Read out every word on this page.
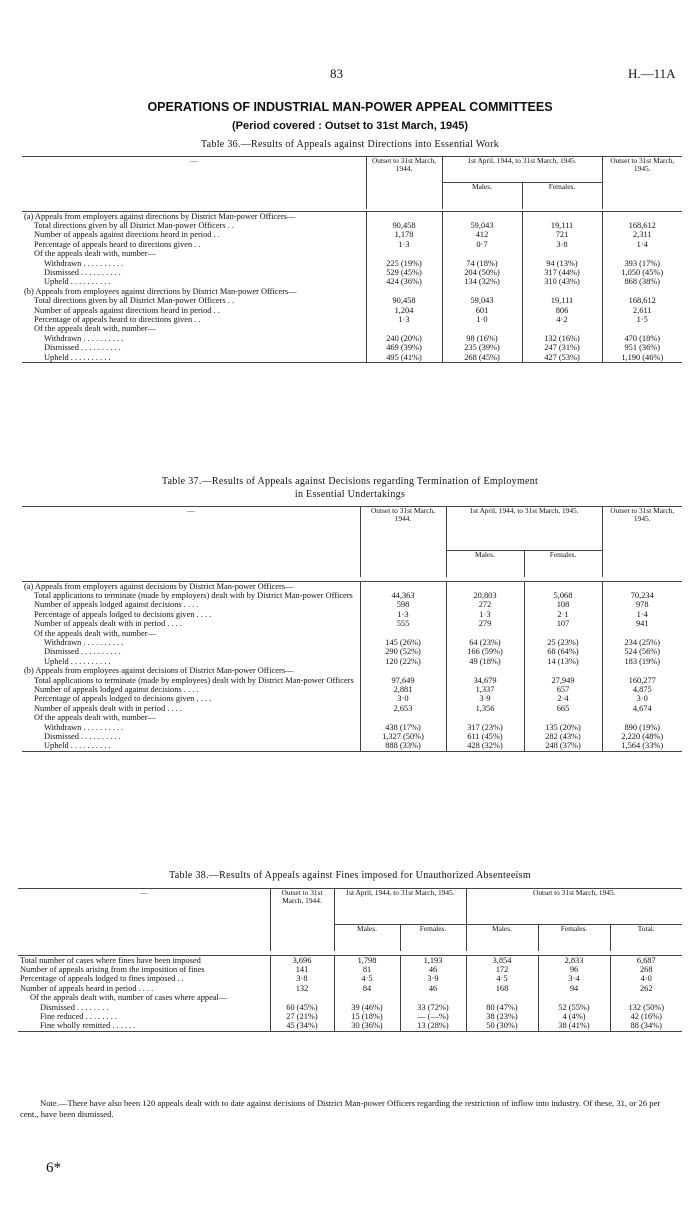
83	H.—11A
OPERATIONS OF INDUSTRIAL MAN-POWER APPEAL COMMITTEES
(Period covered : Outset to 31st March, 1945)
Table 36.—Results of Appeals against Directions into Essential Work
—	Outset to 31st March, 1944.	1st April, 1944, to 31st March, 1945.		Outset to 31st March, 1945.
		Males.	Females.	

(a) Appeals from employers against directions by District Man-power Officers—				
Total directions given by all District Man-power Officers . .	90,458	59,043	19,111	168,612
Number of appeals against directions heard in period . .	1,178	412	721	2,311
Percentage of appeals heard to directions given . .	1·3	0·7	3·8	1·4
Of the appeals dealt with, number—				
Withdrawn . . . . . . . . . .	225 (19%)	74 (18%)	94 (13%)	393 (17%)
Dismissed . . . . . . . . . .	529 (45%)	204 (50%)	317 (44%)	1,050 (45%)
Upheld . . . . . . . . . .	424 (36%)	134 (32%)	310 (43%)	868 (38%)
(b) Appeals from employees against directions by District Man-power Officers—				
Total directions given by all District Man-power Officers . .	90,458	59,043	19,111	168,612
Number of appeals against directions heard in period . .	1,204	601	806	2,611
Percentage of appeals heard to directions given . .	1·3	1·0	4·2	1·5
Of the appeals dealt with, number—				
Withdrawn . . . . . . . . . .	240 (20%)	98 (16%)	132 (16%)	470 (18%)
Dismissed . . . . . . . . . .	469 (39%)	235 (39%)	247 (31%)	951 (36%)
Upheld . . . . . . . . . .	495 (41%)	268 (45%)	427 (53%)	1,190 (46%)
Table 37.—Results of Appeals against Decisions regarding Termination of Employment
in Essential Undertakings
—	Outset to 31st March, 1944.	1st April, 1944, to 31st March, 1945.		Outset to 31st March, 1945.
		Males.	Females.	

(a) Appeals from employers against decisions by District Man-power Officers—				
Total applications to terminate (made by employers) dealt with by District Man-power Officers	44,363	20,803	5,068	70,234
Number of appeals lodged against decisions . . . .	598	272	108	978
Percentage of appeals lodged to decisions given . . . .	1·3	1·3	2·1	1·4
Number of appeals dealt with in period . . . .	555	279	107	941
Of the appeals dealt with, number—				
Withdrawn . . . . . . . . . .	145 (26%)	64 (23%)	25 (23%)	234 (25%)
Dismissed . . . . . . . . . .	290 (52%)	166 (59%)	68 (64%)	524 (56%)
Upheld . . . . . . . . . .	120 (22%)	49 (18%)	14 (13%)	183 (19%)
(b) Appeals from employees against decisions of District Man-power Officers—				
Total applications to terminate (made by employees) dealt with by District Man-power Officers	97,649	34,679	27,949	160,277
Number of appeals lodged against decisions . . . .	2,881	1,337	657	4,875
Percentage of appeals lodged to decisions given . . . .	3·0	3·9	2·4	3·0
Number of appeals dealt with in period . . . .	2,653	1,356	665	4,674
Of the appeals dealt with, number—				
Withdrawn . . . . . . . . . .	438 (17%)	317 (23%)	135 (20%)	890 (19%)
Dismissed . . . . . . . . . .	1,327 (50%)	611 (45%)	282 (43%)	2,220 (48%)
Upheld . . . . . . . . . .	888 (33%)	428 (32%)	248 (37%)	1,564 (33%)
Table 38.—Results of Appeals against Fines imposed for Unauthorized Absenteeism
—	Outset to 31st March, 1944.	1st April, 1944, to 31st March, 1945.		Outset to 31st March, 1945.		
		Males.	Females.	Males.	Females.	Total.

Total number of cases where fines have been imposed	3,696	1,798	1,193	3,854	2,833	6,687
Number of appeals arising from the imposition of fines	141	81	46	172	96	268
Percentage of appeals lodged to fines imposed . .	3·8	4·5	3·9	4·5	3·4	4·0
Number of appeals heard in period . . . .	132	84	46	168	94	262
Of the appeals dealt with, number of cases where appeal—						
Dismissed . . . . . . . .	60 (45%)	39 (46%)	33 (72%)	80 (47%)	52 (55%)	132 (50%)
Fine reduced . . . . . . . .	27 (21%)	15 (18%)	— (—%)	38 (23%)	4 (4%)	42 (16%)
Fine wholly remitted . . . . . .	45 (34%)	30 (36%)	13 (28%)	50 (30%)	38 (41%)	88 (34%)
Note.—There have also been 120 appeals dealt with to date against decisions of District Man-power Officers regarding the restriction of inflow into industry. Of these, 31, or 26 per cent., have been dismissed.
6*
